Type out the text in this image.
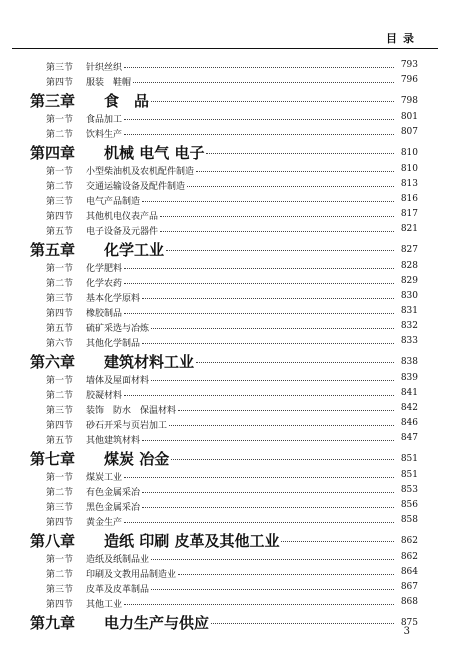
目录
第三节 针织丝织	793
第四节 服装　鞋帽	796
第三章 食　品	798
第一节 食品加工	801
第二节 饮料生产	807
第四章 机械 电气 电子	810
第一节 小型柴油机及农机配件制造	810
第二节 交通运输设备及配件制造	813
第三节 电气产品制造	816
第四节 其他机电仪表产品	817
第五节 电子设备及元器件	821
第五章 化学工业	827
第一节 化学肥料	828
第二节 化学农药	829
第三节 基本化学原料	830
第四节 橡胶制品	831
第五节 硫矿采选与冶炼	832
第六节 其他化学制品	833
第六章 建筑材料工业	838
第一节 墙体及屋面材料	839
第二节 胶凝材料	841
第三节 装饰　防水　保温材料	842
第四节 砂石开采与页岩加工	846
第五节 其他建筑材料	847
第七章 煤炭 冶金	851
第一节 煤炭工业	851
第二节 有色金属采冶	853
第三节 黑色金属采冶	856
第四节 黄金生产	858
第八章 造纸 印刷 皮革及其他工业	862
第一节 造纸及纸制品业	862
第二节 印刷及文教用品制造业	864
第三节 皮革及皮革制品	867
第四节 其他工业	868
第九章 电力生产与供应	875
3
